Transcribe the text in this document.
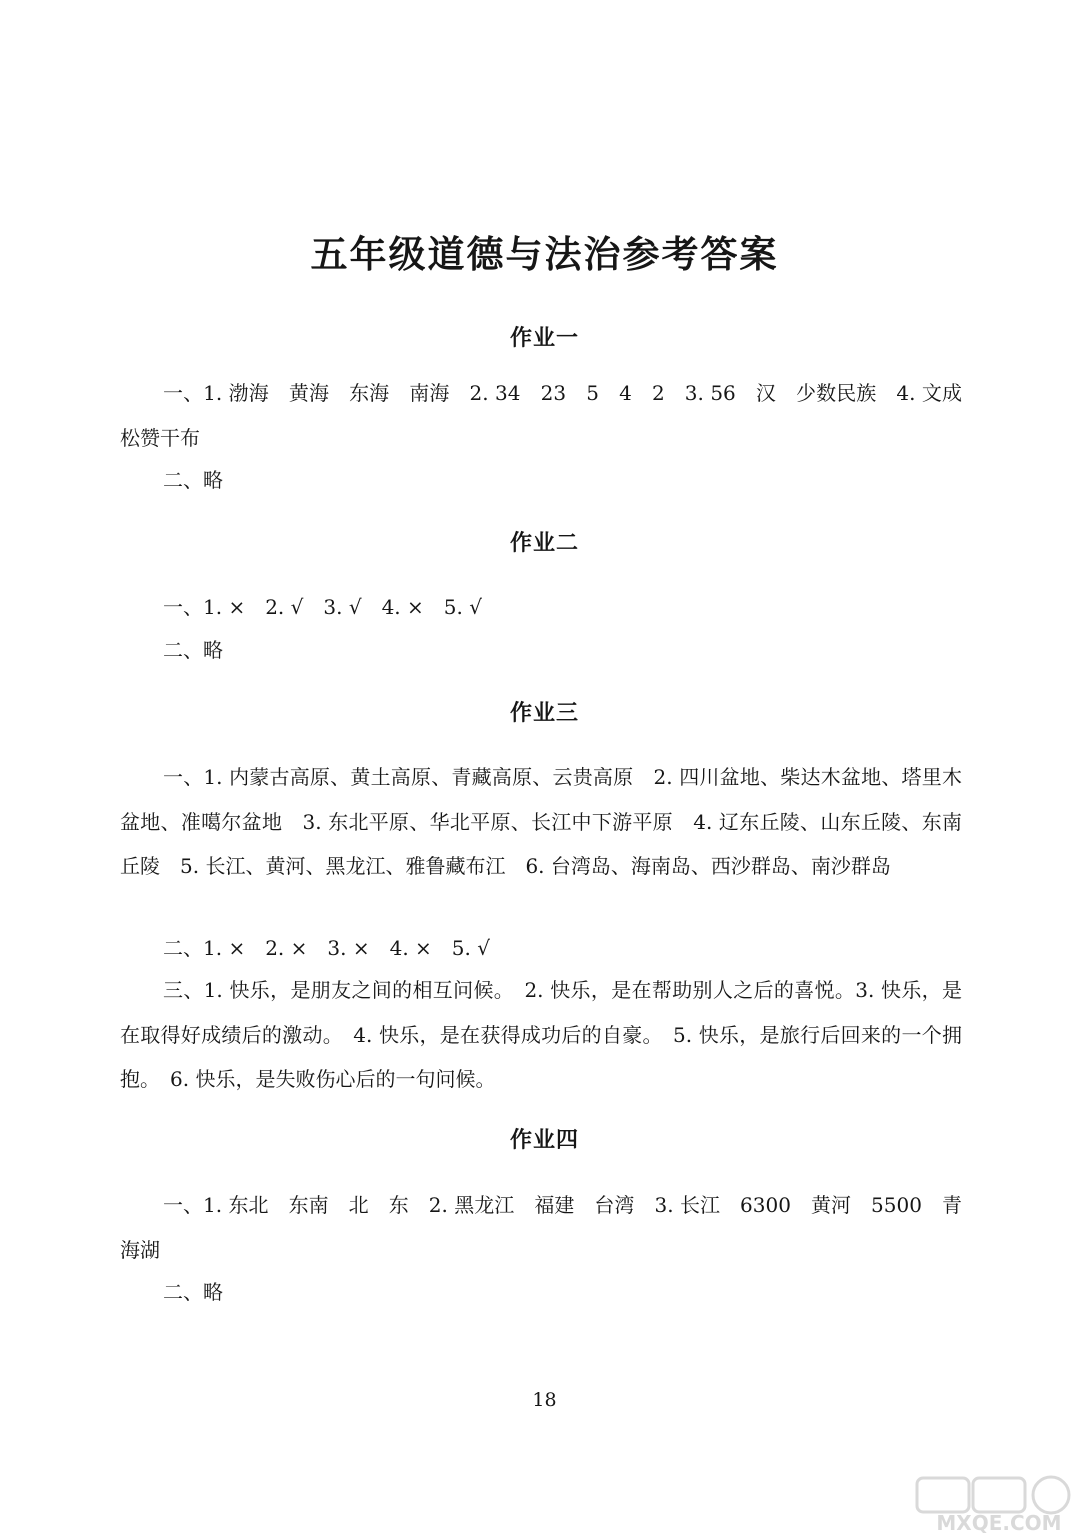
五年级道德与法治参考答案
作业一

一、1. 渤海　黄海　东海　南海　2. 34　23　5　4　2　3. 56　汉　少数民族　4. 文成　松赞干布

二、略

作业二

一、1. ×　2. √　3. √　4. ×　5. √

二、略

作业三

一、1. 内蒙古高原、黄土高原、青藏高原、云贵高原　2. 四川盆地、柴达木盆地、塔里木盆地、准噶尔盆地　3. 东北平原、华北平原、长江中下游平原　4. 辽东丘陵、山东丘陵、东南丘陵　5. 长江、黄河、黑龙江、雅鲁藏布江　6. 台湾岛、海南岛、西沙群岛、南沙群岛

二、1. ×　2. ×　3. ×　4. ×　5. √

三、1. 快乐，是朋友之间的相互问候。　2. 快乐，是在帮助别人之后的喜悦。3. 快乐，是在取得好成绩后的激动。　4. 快乐，是在获得成功后的自豪。　5. 快乐，是旅行后回来的一个拥抱。　6. 快乐，是失败伤心后的一句问候。

作业四

一、1. 东北　东南　北　东　2. 黑龙江　福建　台湾　3. 长江　6300　黄河　5500　青海湖

二、略

18
MXQE.COM
